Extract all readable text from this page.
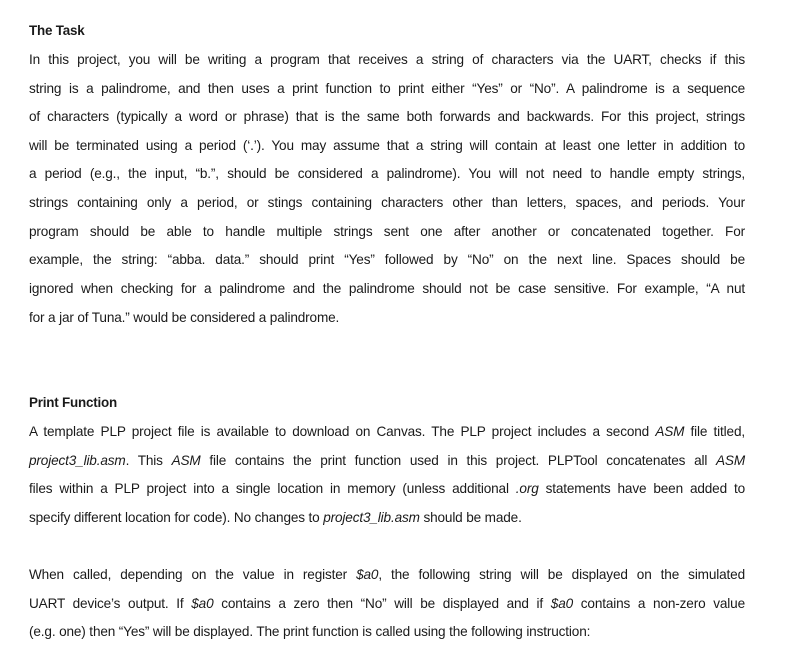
The Task
In this project, you will be writing a program that receives a string of characters via the UART, checks if this
string is a palindrome, and then uses a print function to print either “Yes” or “No”. A palindrome is a sequence
of characters (typically a word or phrase) that is the same both forwards and backwards. For this project, strings
will be terminated using a period (‘.’). You may assume that a string will contain at least one letter in addition to
a period (e.g., the input, “b.”, should be considered a palindrome). You will not need to handle empty strings,
strings containing only a period, or stings containing characters other than letters, spaces, and periods. Your
program should be able to handle multiple strings sent one after another or concatenated together. For
example, the string: “abba. data.” should print “Yes” followed by “No” on the next line. Spaces should be
ignored when checking for a palindrome and the palindrome should not be case sensitive. For example, “A nut
for a jar of Tuna.” would be considered a palindrome.
Print Function
A template PLP project file is available to download on Canvas. The PLP project includes a second ASM file titled,
project3_lib.asm. This ASM file contains the print function used in this project. PLPTool concatenates all ASM
files within a PLP project into a single location in memory (unless additional .org statements have been added to
specify different location for code). No changes to project3_lib.asm should be made.
When called, depending on the value in register $a0, the following string will be displayed on the simulated
UART device’s output. If $a0 contains a zero then “No” will be displayed and if $a0 contains a non-zero value
(e.g. one) then “Yes” will be displayed. The print function is called using the following instruction:
